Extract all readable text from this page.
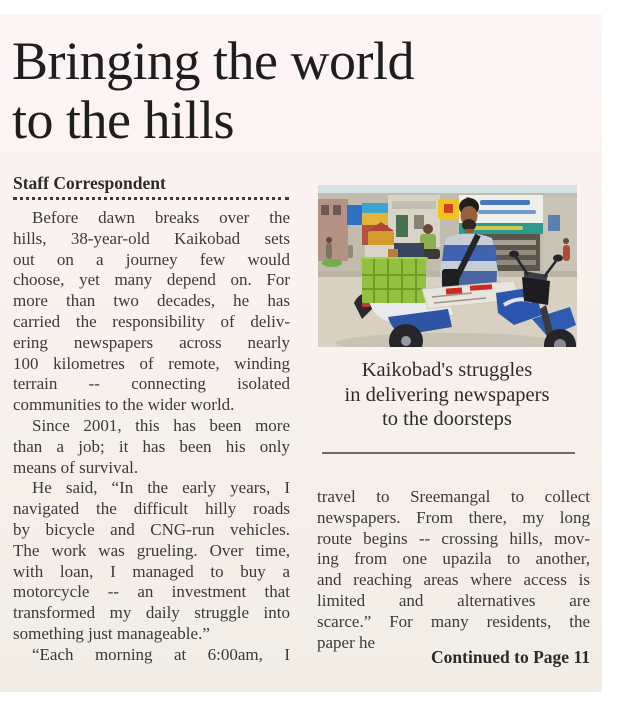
Bringing the world
to the hills
Staff Correspondent
Before dawn breaks over the
hills, 38-year-old Kaikobad sets
out on a journey few would
choose, yet many depend on. For
more than two decades, he has
carried the responsibility of deliv-
ering newspapers across nearly
100 kilometres of remote, winding
terrain -- connecting isolated
communities to the wider world.
Since 2001, this has been more
than a job; it has been his only
means of survival.
He said, “In the early years, I
navigated the difficult hilly roads
by bicycle and CNG-run vehicles.
The work was grueling. Over time,
with loan, I managed to buy a
motorcycle -- an investment that
transformed my daily struggle into
something just manageable.”
“Each morning at 6:00am, I
Kaikobad's struggles
in delivering newspapers
to the doorsteps
travel to Sreemangal to collect
newspapers. From there, my long
route begins -- crossing hills, mov-
ing from one upazila to another,
and reaching areas where access is
limited and alternatives are
scarce.” For many residents, the
paper he
Continued to Page 11
